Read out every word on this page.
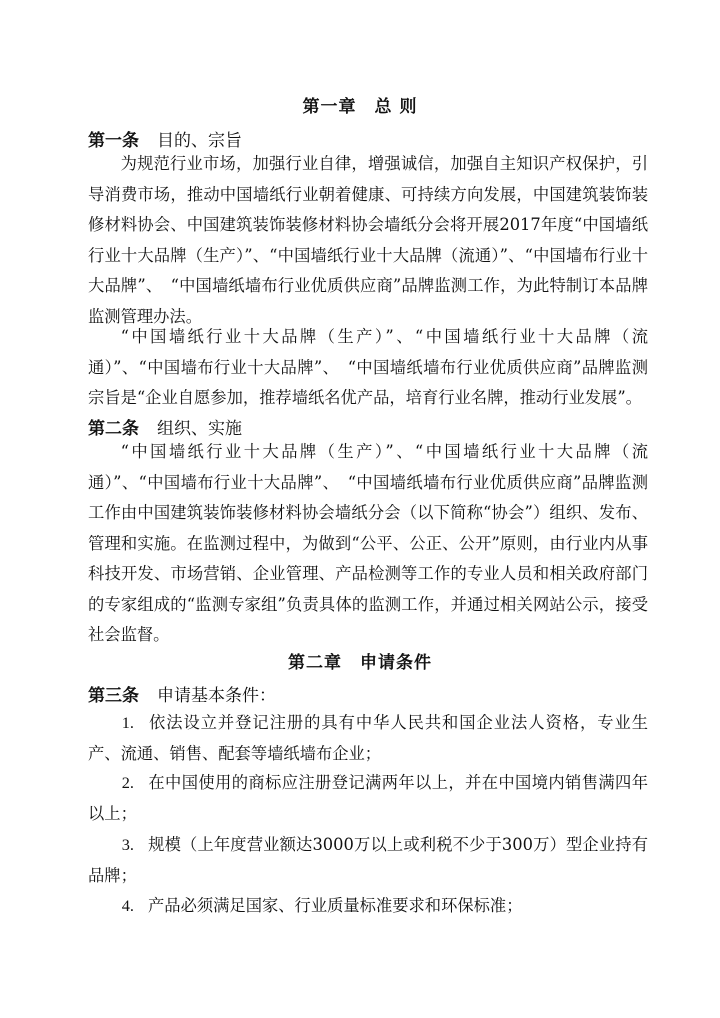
第一章　总 则
第一条 目的、宗旨
为规范行业市场，加强行业自律，增强诚信，加强自主知识产权保护，引导消费市场，推动中国墙纸行业朝着健康、可持续方向发展，中国建筑装饰装修材料协会、中国建筑装饰装修材料协会墙纸分会将开展2017年度“中国墙纸行业十大品牌（生产）”、“中国墙纸行业十大品牌（流通）”、“中国墙布行业十大品牌”、　“中国墙纸墙布行业优质供应商”品牌监测工作，为此特制订本品牌监测管理办法。
“中国墙纸行业十大品牌（生产）”、“中国墙纸行业十大品牌（流通）”、“中国墙布行业十大品牌”、　“中国墙纸墙布行业优质供应商”品牌监测宗旨是“企业自愿参加，推荐墙纸名优产品，培育行业名牌，推动行业发展”。
第二条 组织、实施
“中国墙纸行业十大品牌（生产）”、“中国墙纸行业十大品牌（流通）”、“中国墙布行业十大品牌”、　“中国墙纸墙布行业优质供应商”品牌监测工作由中国建筑装饰装修材料协会墙纸分会（以下简称“协会”）组织、发布、管理和实施。在监测过程中，为做到“公平、公正、公开”原则，由行业内从事科技开发、市场营销、企业管理、产品检测等工作的专业人员和相关政府部门的专家组成的“监测专家组”负责具体的监测工作，并通过相关网站公示，接受社会监督。
第二章　申请条件
第三条 申请基本条件：
1. 依法设立并登记注册的具有中华人民共和国企业法人资格，专业生产、流通、销售、配套等墙纸墙布企业；
2. 在中国使用的商标应注册登记满两年以上，并在中国境内销售满四年以上；
3. 规模（上年度营业额达3000万以上或利税不少于300万）型企业持有品牌；
4. 产品必须满足国家、行业质量标准要求和环保标准；
